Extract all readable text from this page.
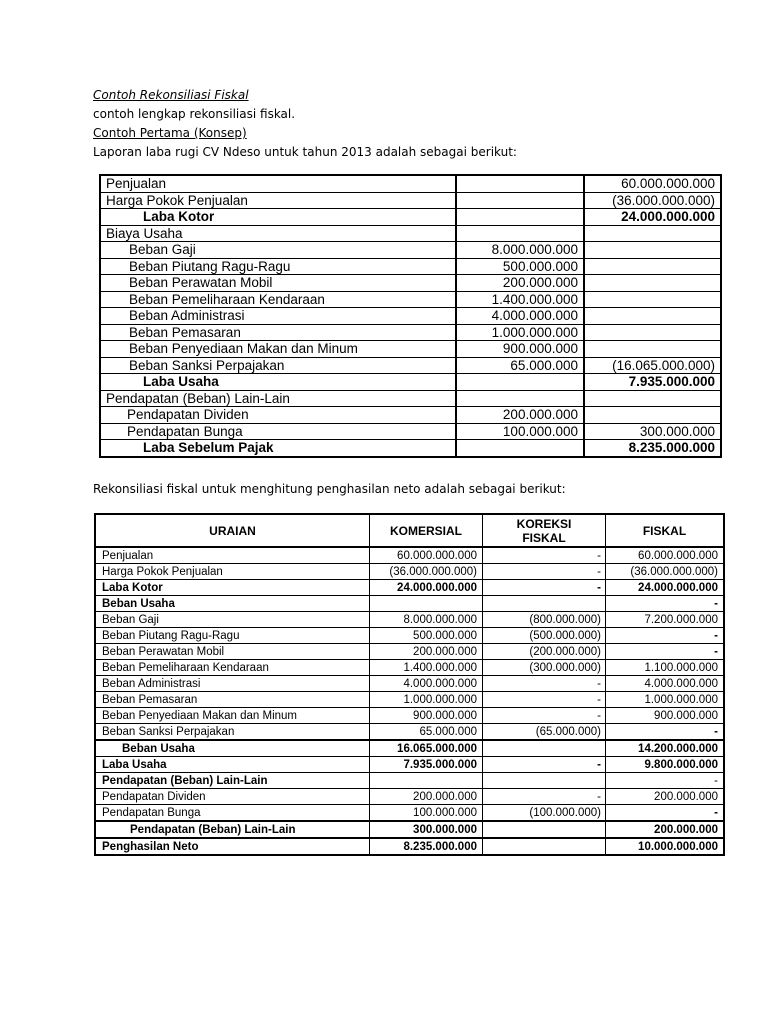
Contoh Rekonsiliasi Fiskal

contoh lengkap rekonsiliasi fiskal.

Contoh Pertama (Konsep)

Laporan laba rugi CV Ndeso untuk tahun 2013 adalah sebagai berikut:

Penjualan		60.000.000.000
Harga Pokok Penjualan		(36.000.000.000)
Laba Kotor		24.000.000.000
Biaya Usaha		
Beban Gaji	8.000.000.000	
Beban Piutang Ragu-Ragu	500.000.000	
Beban Perawatan Mobil	200.000.000	
Beban Pemeliharaan Kendaraan	1.400.000.000	
Beban Administrasi	4.000.000.000	
Beban Pemasaran	1.000.000.000	
Beban Penyediaan Makan dan Minum	900.000.000	
Beban Sanksi Perpajakan	65.000.000	(16.065.000.000)
Laba Usaha		7.935.000.000
Pendapatan (Beban) Lain-Lain		
Pendapatan Dividen	200.000.000	
Pendapatan Bunga	100.000.000	300.000.000
Laba Sebelum Pajak		8.235.000.000

Rekonsiliasi fiskal untuk menghitung penghasilan neto adalah sebagai berikut:

URAIAN	KOMERSIAL	KOREKSI FISKAL	FISKAL
Penjualan	60.000.000.000	-	60.000.000.000
Harga Pokok Penjualan	(36.000.000.000)	-	(36.000.000.000)
Laba Kotor	24.000.000.000	-	24.000.000.000
Beban Usaha			-
Beban Gaji	8.000.000.000	(800.000.000)	7.200.000.000
Beban Piutang Ragu-Ragu	500.000.000	(500.000.000)	-
Beban Perawatan Mobil	200.000.000	(200.000.000)	-
Beban Pemeliharaan Kendaraan	1.400.000.000	(300.000.000)	1.100.000.000
Beban Administrasi	4.000.000.000	-	4.000.000.000
Beban Pemasaran	1.000.000.000	-	1.000.000.000
Beban Penyediaan Makan dan Minum	900.000.000	-	900.000.000
Beban Sanksi Perpajakan	65.000.000	(65.000.000)	-
Beban Usaha	16.065.000.000		14.200.000.000
Laba Usaha	7.935.000.000	-	9.800.000.000
Pendapatan (Beban) Lain-Lain			-
Pendapatan Dividen	200.000.000	-	200.000.000
Pendapatan Bunga	100.000.000	(100.000.000)	-
Pendapatan (Beban) Lain-Lain	300.000.000		200.000.000
Penghasilan Neto	8.235.000.000		10.000.000.000
